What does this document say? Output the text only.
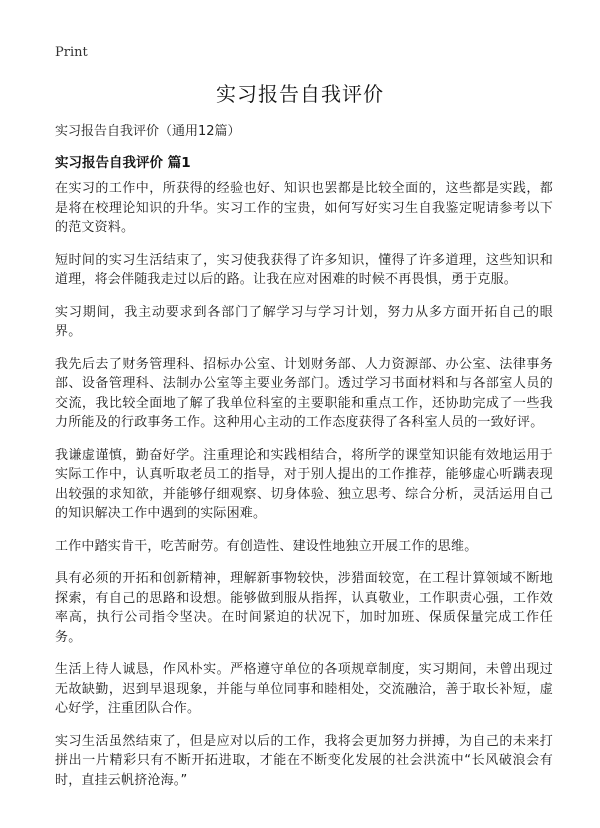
Print
实习报告自我评价
实习报告自我评价（通用12篇）
实习报告自我评价 篇1

在实习的工作中，所获得的经验也好、知识也罢都是比较全面的，这些都是实践，都是将在校理论知识的升华。实习工作的宝贵，如何写好实习生自我鉴定呢请参考以下的范文资料。

短时间的实习生活结束了，实习使我获得了许多知识，懂得了许多道理，这些知识和道理，将会伴随我走过以后的路。让我在应对困难的时候不再畏惧，勇于克服。

实习期间，我主动要求到各部门了解学习与学习计划，努力从多方面开拓自己的眼界。

我先后去了财务管理科、招标办公室、计划财务部、人力资源部、办公室、法律事务部、设备管理科、法制办公室等主要业务部门。透过学习书面材料和与各部室人员的交流，我比较全面地了解了我单位科室的主要职能和重点工作，还协助完成了一些我力所能及的行政事务工作。这种用心主动的工作态度获得了各科室人员的一致好评。

我谦虚谨慎，勤奋好学。注重理论和实践相结合，将所学的课堂知识能有效地运用于实际工作中，认真听取老员工的指导，对于别人提出的工作推荐，能够虚心听蹒表现出较强的求知欲，并能够仔细观察、切身体验、独立思考、综合分析，灵活运用自己的知识解决工作中遇到的实际困难。

工作中踏实肯干，吃苦耐劳。有创造性、建设性地独立开展工作的思维。

具有必须的开拓和创新精神，理解新事物较快，涉猎面较宽，在工程计算领域不断地探索，有自己的思路和设想。能够做到服从指挥，认真敬业，工作职责心强，工作效率高，执行公司指令坚决。在时间紧迫的状况下，加时加班、保质保量完成工作任务。

生活上待人诚恳，作风朴实。严格遵守单位的各项规章制度，实习期间，未曾出现过无故缺勤，迟到早退现象，并能与单位同事和睦相处，交流融洽，善于取长补短，虚心好学，注重团队合作。

实习生活虽然结束了，但是应对以后的工作，我将会更加努力拼搏，为自己的未来打拼出一片精彩只有不断开拓进取，才能在不断变化发展的社会洪流中“长风破浪会有时，直挂云帆挤沧海。”
